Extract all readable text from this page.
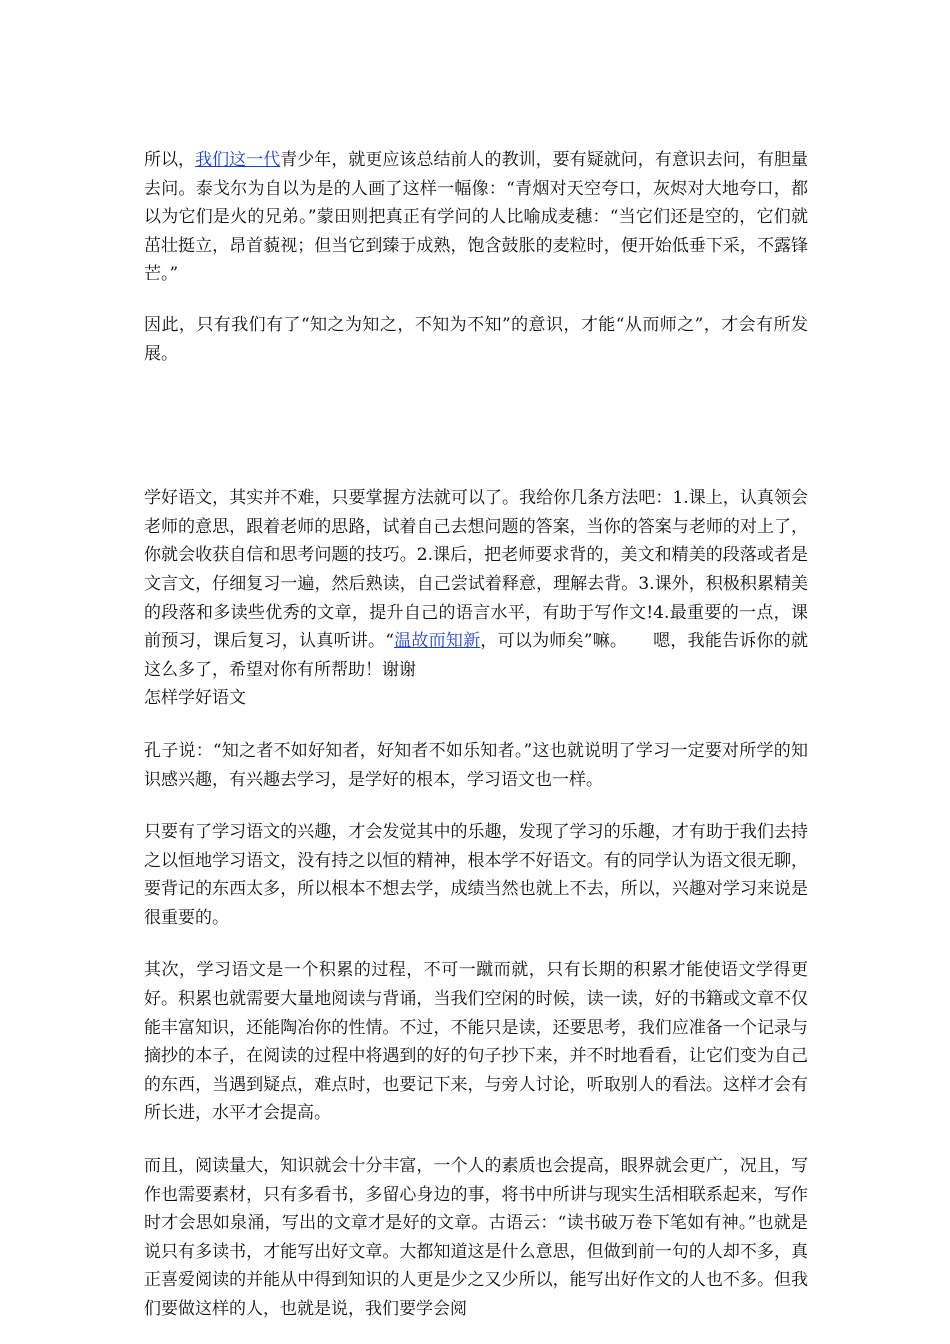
所以，我们这一代青少年，就更应该总结前人的教训，要有疑就问，有意识去问，有胆量去问。泰戈尔为自以为是的人画了这样一幅像：“青烟对天空夸口，灰烬对大地夸口，都以为它们是火的兄弟。”蒙田则把真正有学问的人比喻成麦穗：“当它们还是空的，它们就茁壮挺立，昂首藐视；但当它到臻于成熟，饱含鼓胀的麦粒时，便开始低垂下采，不露锋芒。”

因此，只有我们有了“知之为知之，不知为不知”的意识，才能“从而师之”，才会有所发展。

学好语文，其实并不难，只要掌握方法就可以了。我给你几条方法吧：1.课上，认真领会老师的意思，跟着老师的思路，试着自己去想问题的答案，当你的答案与老师的对上了，你就会收获自信和思考问题的技巧。2.课后，把老师要求背的，美文和精美的段落或者是文言文，仔细复习一遍，然后熟读，自己尝试着释意，理解去背。3.课外，积极积累精美的段落和多读些优秀的文章，提升自己的语言水平，有助于写作文!4.最重要的一点，课前预习，课后复习，认真听讲。“温故而知新，可以为师矣”嘛。　　嗯，我能告诉你的就这么多了，希望对你有所帮助！谢谢
怎样学好语文

孔子说：“知之者不如好知者，好知者不如乐知者。”这也就说明了学习一定要对所学的知识感兴趣，有兴趣去学习，是学好的根本，学习语文也一样。

只要有了学习语文的兴趣，才会发觉其中的乐趣，发现了学习的乐趣，才有助于我们去持之以恒地学习语文，没有持之以恒的精神，根本学不好语文。有的同学认为语文很无聊，要背记的东西太多，所以根本不想去学，成绩当然也就上不去，所以，兴趣对学习来说是很重要的。

其次，学习语文是一个积累的过程，不可一蹴而就，只有长期的积累才能使语文学得更好。积累也就需要大量地阅读与背诵，当我们空闲的时候，读一读，好的书籍或文章不仅能丰富知识，还能陶冶你的性情。不过，不能只是读，还要思考，我们应准备一个记录与摘抄的本子，在阅读的过程中将遇到的好的句子抄下来，并不时地看看，让它们变为自己的东西，当遇到疑点，难点时，也要记下来，与旁人讨论，听取别人的看法。这样才会有所长进，水平才会提高。

而且，阅读量大，知识就会十分丰富，一个人的素质也会提高，眼界就会更广，况且，写作也需要素材，只有多看书，多留心身边的事，将书中所讲与现实生活相联系起来，写作时才会思如泉涌，写出的文章才是好的文章。古语云：“读书破万卷下笔如有神。”也就是说只有多读书，才能写出好文章。大都知道这是什么意思，但做到前一句的人却不多，真正喜爱阅读的并能从中得到知识的人更是少之又少所以，能写出好作文的人也不多。但我们要做这样的人，也就是说，我们要学会阅
